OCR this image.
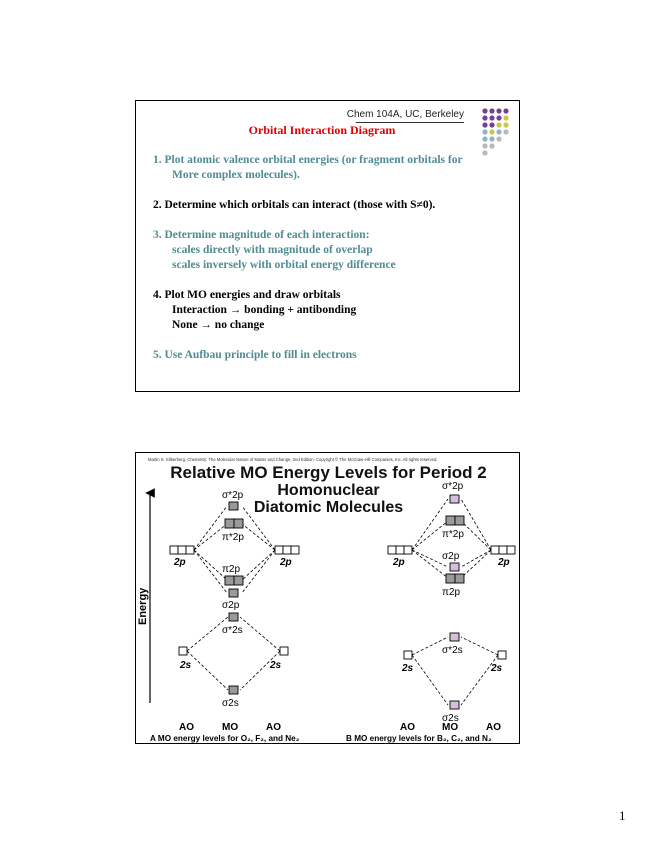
Chem 104A, UC, Berkeley
Orbital Interaction Diagram

1. Plot atomic valence orbital energies (or fragment orbitals for

More complex molecules).

2. Determine which orbitals can interact (those with S≠0).

3. Determine magnitude of each interaction:

scales directly with magnitude of overlap

scales inversely with orbital energy difference

4. Plot MO energies and draw orbitals

Interaction → bonding + antibonding

None → no change

5. Use Aufbau principle to fill in electrons

Martin S. Silberberg, Chemistry: The Molecular Nature of Matter and Change, 2nd Edition. Copyright © The McGraw-Hill Companies, Inc. All rights reserved.
Relative MO Energy Levels for Period 2
Homonuclear
Diatomic Molecules
Energy
σ*2p
π*2p
π2p
σ2p
σ*2s
σ2s
2p	2p
2s	2s
AO	MO	AO
σ*2p
π*2p
σ2p
π2p
σ*2s
σ2s
2p	2p
2s	2s
AO	MO	AO
A MO energy levels for O₂, F₂, and Ne₂	B MO energy levels for B₂, C₂, and N₂
1
